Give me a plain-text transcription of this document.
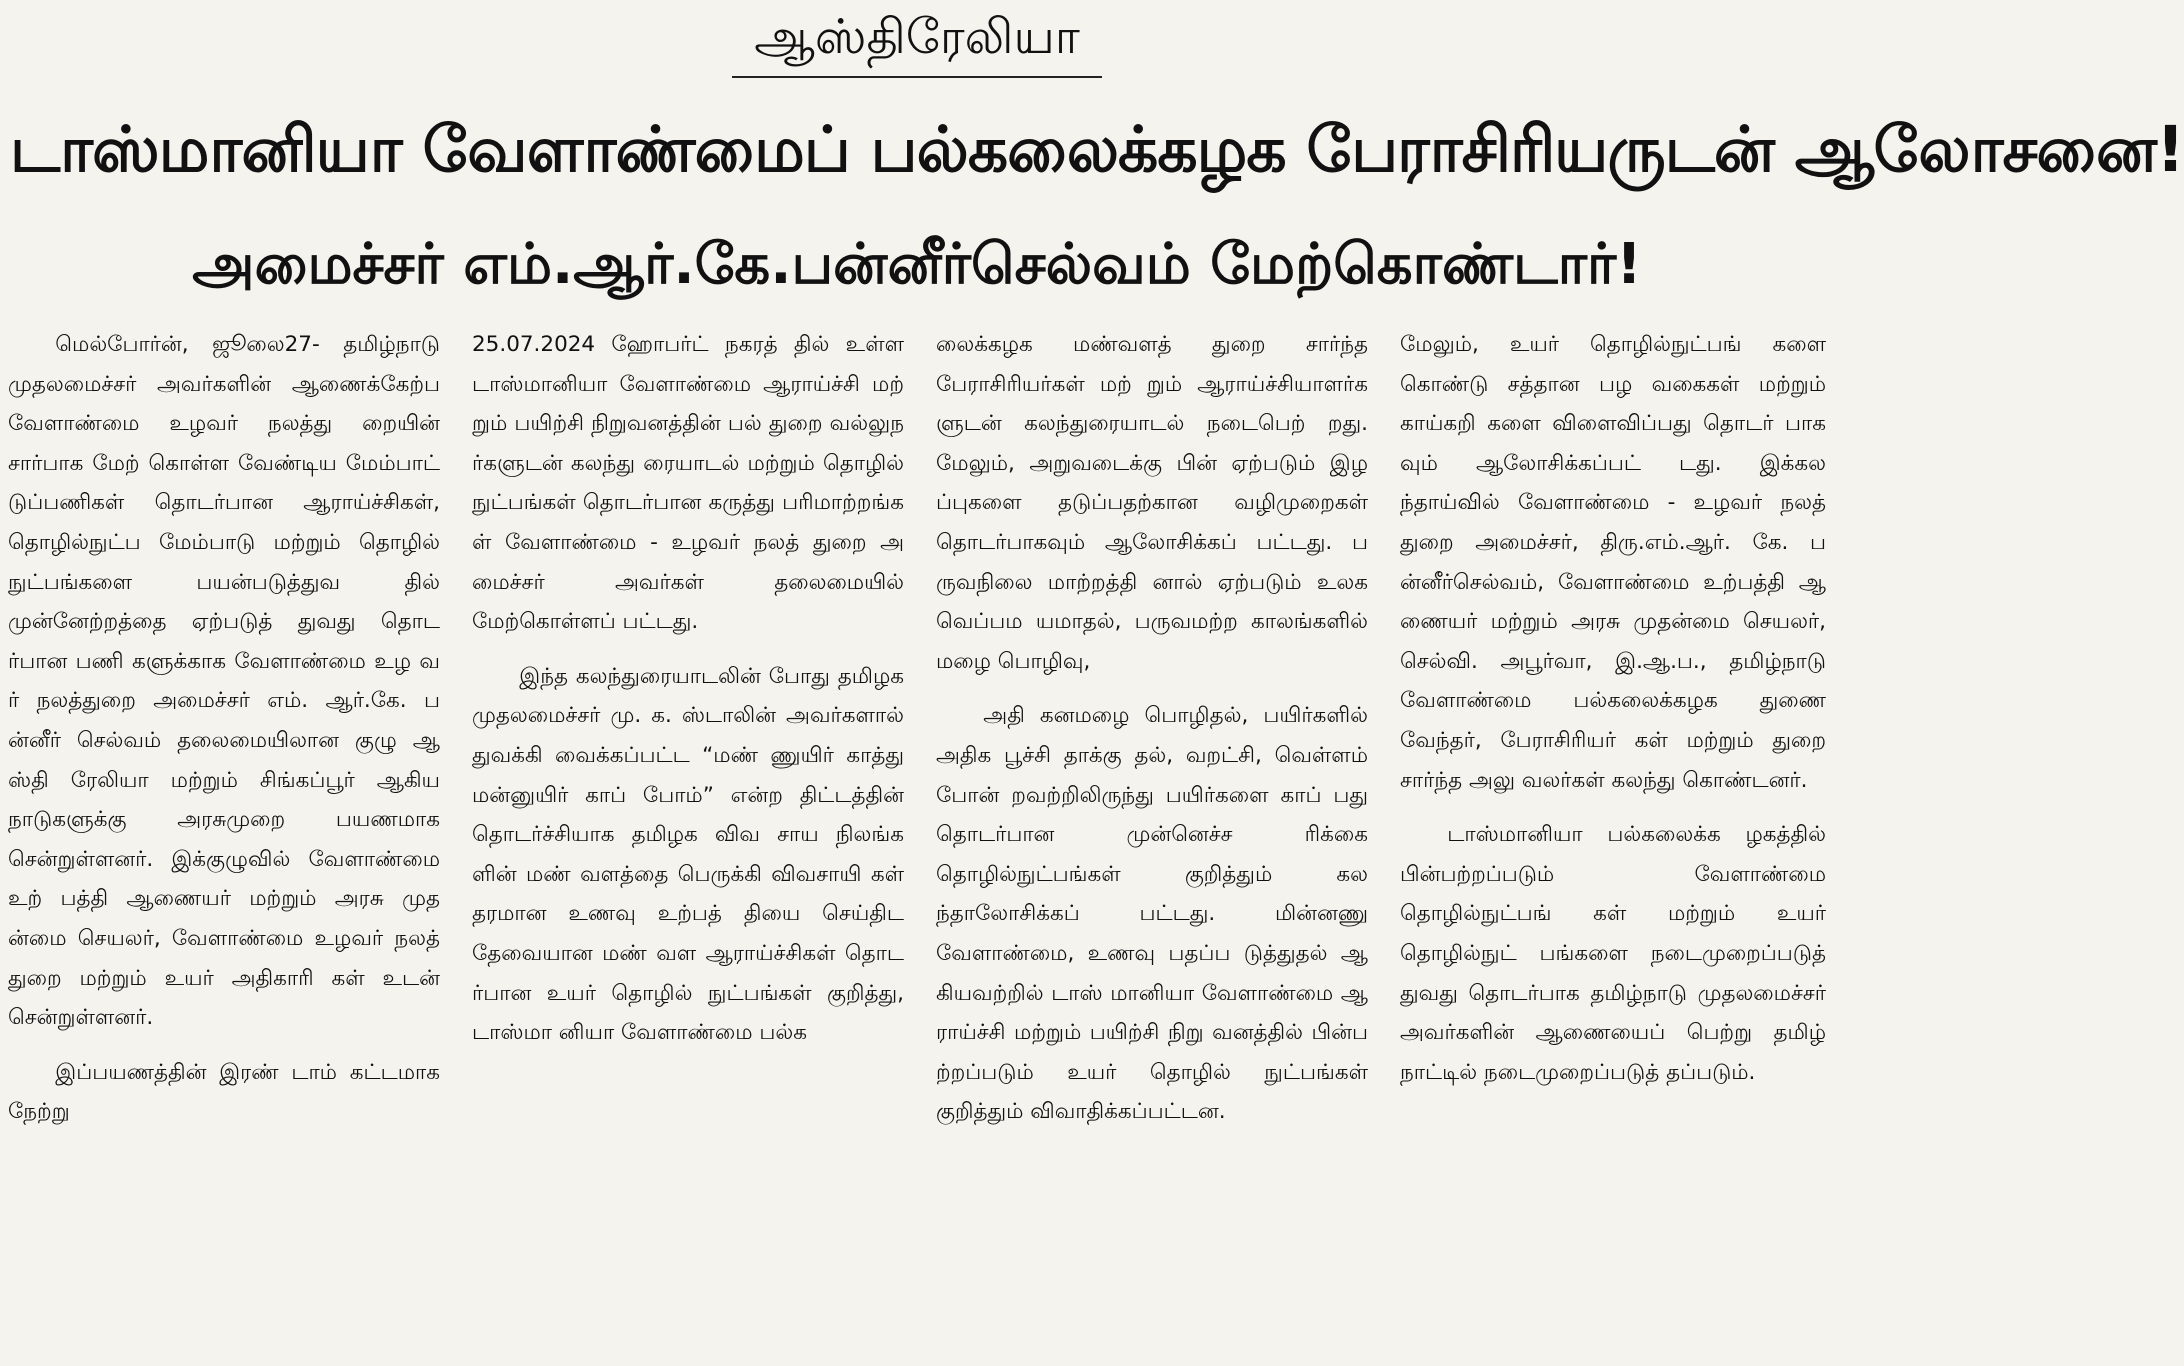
ஆஸ்திரேலியா
டாஸ்மானியா வேளாண்மைப் பல்கலைக்கழக பேராசிரியருடன் ஆலோசனை!
அமைச்சர் எம்.ஆர்.கே.பன்னீர்செல்வம் மேற்கொண்டார்!

மெல்போர்ன், ஜூலை27- தமிழ்நாடு முதலமைச்சர் அவர்களின் ஆணைக்கேற்ப வேளாண்மை உழவர் நலத்து றையின் சார்பாக மேற் கொள்ள வேண்டிய மேம்பாட் டுப்பணிகள் தொடர்பான ஆராய்ச்சிகள், தொழில்நுட்ப மேம்பாடு மற்றும் தொழில் நுட்பங்களை பயன்படுத்துவ தில் முன்னேற்றத்தை ஏற்படுத் துவது தொடர்பான பணி களுக்காக வேளாண்மை உழ வர் நலத்துறை அமைச்சர் எம். ஆர்.கே. பன்னீர் செல்வம் தலைமையிலான குழு ஆஸ்தி ரேலியா மற்றும் சிங்கப்பூர் ஆகிய நாடுகளுக்கு அரசுமுறை பயணமாக சென்றுள்ளனர். இக்குழுவில் வேளாண்மை உற் பத்தி ஆணையர் மற்றும் அரசு முதன்மை செயலர், வேளாண்மை உழவர் நலத் துறை மற்றும் உயர் அதிகாரி கள் உடன் சென்றுள்ளனர்.

இப்பயணத்தின் இரண் டாம் கட்டமாக நேற்று

25.07.2024 ஹோபர்ட் நகரத் தில் உள்ள டாஸ்மானியா வேளாண்மை ஆராய்ச்சி மற் றும் பயிற்சி நிறுவனத்தின் பல் துறை வல்லுநர்களுடன் கலந்து ரையாடல் மற்றும் தொழில் நுட்பங்கள் தொடர்பான கருத்து பரிமாற்றங்கள் வேளாண்மை - உழவர் நலத் துறை அமைச்சர் அவர்கள் தலைமையில் மேற்கொள்ளப் பட்டது.

இந்த கலந்துரையாடலின் போது தமிழக முதலமைச்சர் மு. க. ஸ்டாலின் அவர்களால் துவக்கி வைக்கப்பட்ட “மண் ணுயிர் காத்து மன்னுயிர் காப் போம்” என்ற திட்டத்தின் தொடர்ச்சியாக தமிழக விவ சாய நிலங்களின் மண் வளத்தை பெருக்கி விவசாயி கள் தரமான உணவு உற்பத் தியை செய்திட தேவையான மண் வள ஆராய்ச்சிகள் தொடர்பான உயர் தொழில் நுட்பங்கள் குறித்து, டாஸ்மா னியா வேளாண்மை பல்க

லைக்கழக மண்வளத் துறை சார்ந்த பேராசிரியர்கள் மற் றும் ஆராய்ச்சியாளர்களுடன் கலந்துரையாடல் நடைபெற் றது. மேலும், அறுவடைக்கு பின் ஏற்படும் இழப்புகளை தடுப்பதற்கான வழிமுறைகள் தொடர்பாகவும் ஆலோசிக்கப் பட்டது. பருவநிலை மாற்றத்தி னால் ஏற்படும் உலக வெப்பம யமாதல், பருவமற்ற காலங்களில் மழை பொழிவு,

அதி கனமழை பொழிதல், பயிர்களில் அதிக பூச்சி தாக்கு தல், வறட்சி, வெள்ளம் போன் றவற்றிலிருந்து பயிர்களை காப் பது தொடர்பான முன்னெச்ச ரிக்கை தொழில்நுட்பங்கள் குறித்தும் கலந்தாலோசிக்கப் பட்டது. மின்னணு வேளாண்மை, உணவு பதப்ப டுத்துதல் ஆகியவற்றில் டாஸ் மானியா வேளாண்மை ஆராய்ச்சி மற்றும் பயிற்சி நிறு வனத்தில் பின்பற்றப்படும் உயர் தொழில் நுட்பங்கள் குறித்தும் விவாதிக்கப்பட்டன.

மேலும், உயர் தொழில்நுட்பங் களை கொண்டு சத்தான பழ வகைகள் மற்றும் காய்கறி களை விளைவிப்பது தொடர் பாகவும் ஆலோசிக்கப்பட் டது. இக்கலந்தாய்வில் வேளாண்மை - உழவர் நலத் துறை அமைச்சர், திரு.எம்.ஆர். கே. பன்னீர்செல்வம், வேளாண்மை உற்பத்தி ஆணையர் மற்றும் அரசு முதன்மை செயலர், செல்வி. அபூர்வா, இ.ஆ.ப., தமிழ்நாடு வேளாண்மை பல்கலைக்கழக துணை வேந்தர், பேராசிரியர் கள் மற்றும் துறை சார்ந்த அலு வலர்கள் கலந்து கொண்டனர்.

டாஸ்மானியா பல்கலைக்க ழகத்தில் பின்பற்றப்படும் வேளாண்மை தொழில்நுட்பங் கள் மற்றும் உயர் தொழில்நுட் பங்களை நடைமுறைப்படுத் துவது தொடர்பாக தமிழ்நாடு முதலமைச்சர் அவர்களின் ஆணையைப் பெற்று தமிழ் நாட்டில் நடைமுறைப்படுத் தப்படும்.
